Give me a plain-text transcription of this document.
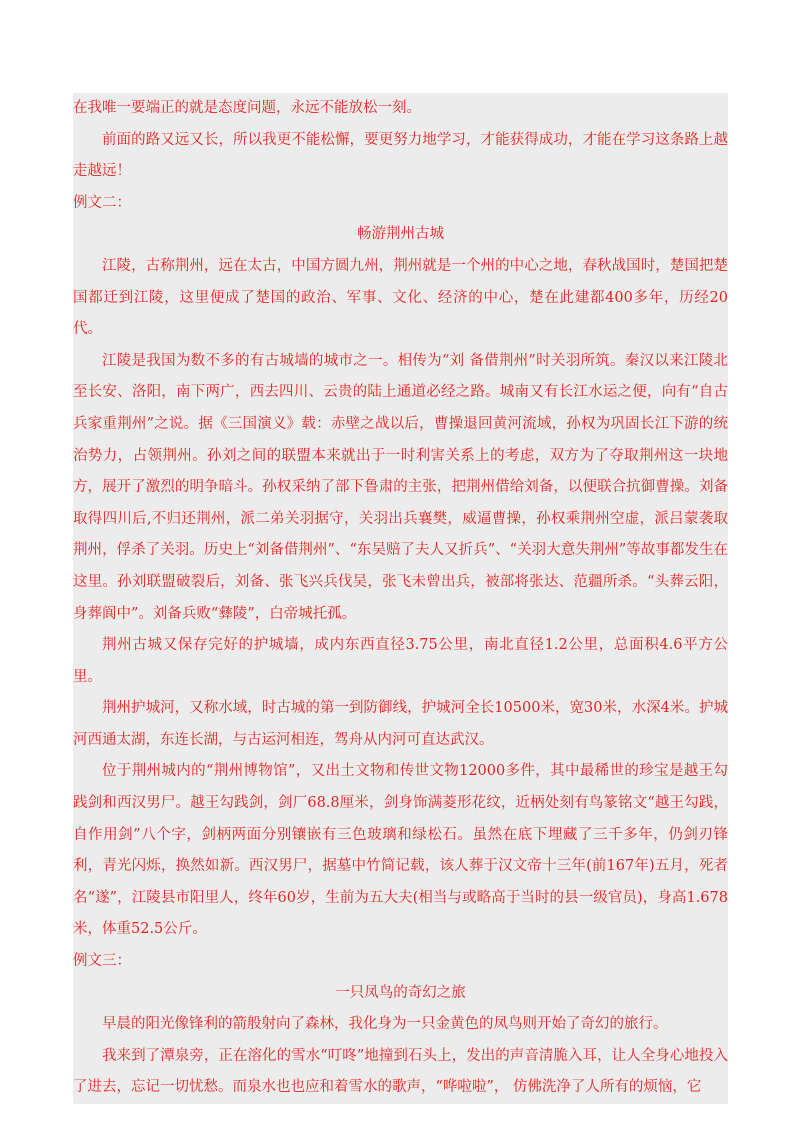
在我唯一要端正的就是态度问题，永远不能放松一刻。

前面的路又远又长，所以我更不能松懈，要更努力地学习，才能获得成功，才能在学习这条路上越走越远！

例文二：

畅游荆州古城

江陵，古称荆州，远在太古，中国方圆九州，荆州就是一个州的中心之地，春秋战国时，楚国把楚国都迁到江陵，这里便成了楚国的政治、军事、文化、经济的中心，楚在此建都400多年，历经20代。

江陵是我国为数不多的有古城墙的城市之一。相传为“刘 备借荆州”时关羽所筑。秦汉以来江陵北至长安、洛阳，南下两广，西去四川、云贵的陆上通道必经之路。城南又有长江水运之便，向有“自古兵家重荆州”之说。据《三国演义》载：赤壁之战以后，曹操退回黄河流域，孙权为巩固长江下游的统治势力，占领荆州。孙刘之间的联盟本来就出于一时利害关系上的考虑，双方为了夺取荆州这一块地方，展开了激烈的明争暗斗。孙权采纳了部下鲁肃的主张，把荆州借给刘备，以便联合抗御曹操。刘备取得四川后,不归还荆州，派二弟关羽据守，关羽出兵襄樊，威逼曹操，孙权乘荆州空虚，派吕蒙袭取荆州，俘杀了关羽。历史上“刘备借荆州”、“东吴赔了夫人又折兵”、“关羽大意失荆州”等故事都发生在这里。孙刘联盟破裂后，刘备、张飞兴兵伐吴，张飞未曾出兵，被部将张达、范疆所杀。“头葬云阳，身葬阆中”。刘备兵败“彝陵”，白帝城托孤。

荆州古城又保存完好的护城墙，成内东西直径3.75公里，南北直径1.2公里，总面积4.6平方公里。

荆州护城河，又称水域，时古城的第一到防御线，护城河全长10500米，宽30米，水深4米。护城河西通太湖，东连长湖，与古运河相连，驾舟从内河可直达武汉。

位于荆州城内的“荆州博物馆”，又出土文物和传世文物12000多件，其中最稀世的珍宝是越王勾践剑和西汉男尸。越王勾践剑，剑厂68.8厘米，剑身饰满菱形花纹，近柄处刻有鸟篆铭文“越王勾践，自作用剑”八个字，剑柄两面分别镶嵌有三色玻璃和绿松石。虽然在底下埋藏了三千多年，仍剑刃锋利，青光闪烁，换然如新。西汉男尸，据墓中竹简记载，该人葬于汉文帝十三年(前167年)五月，死者名“遂”，江陵县市阳里人，终年60岁，生前为五大夫(相当与或略高于当时的县一级官员)，身高1.678米，体重52.5公斤。

例文三：

一只凤鸟的奇幻之旅

早晨的阳光像锋利的箭般射向了森林，我化身为一只金黄色的凤鸟则开始了奇幻的旅行。

我来到了潭泉旁，正在溶化的雪水“叮咚”地撞到石头上，发出的声音清脆入耳，让人全身心地投入了进去，忘记一切忧愁。而泉水也也应和着雪水的歌声，“哗啦啦”， 仿佛洗净了人所有的烦恼，它
